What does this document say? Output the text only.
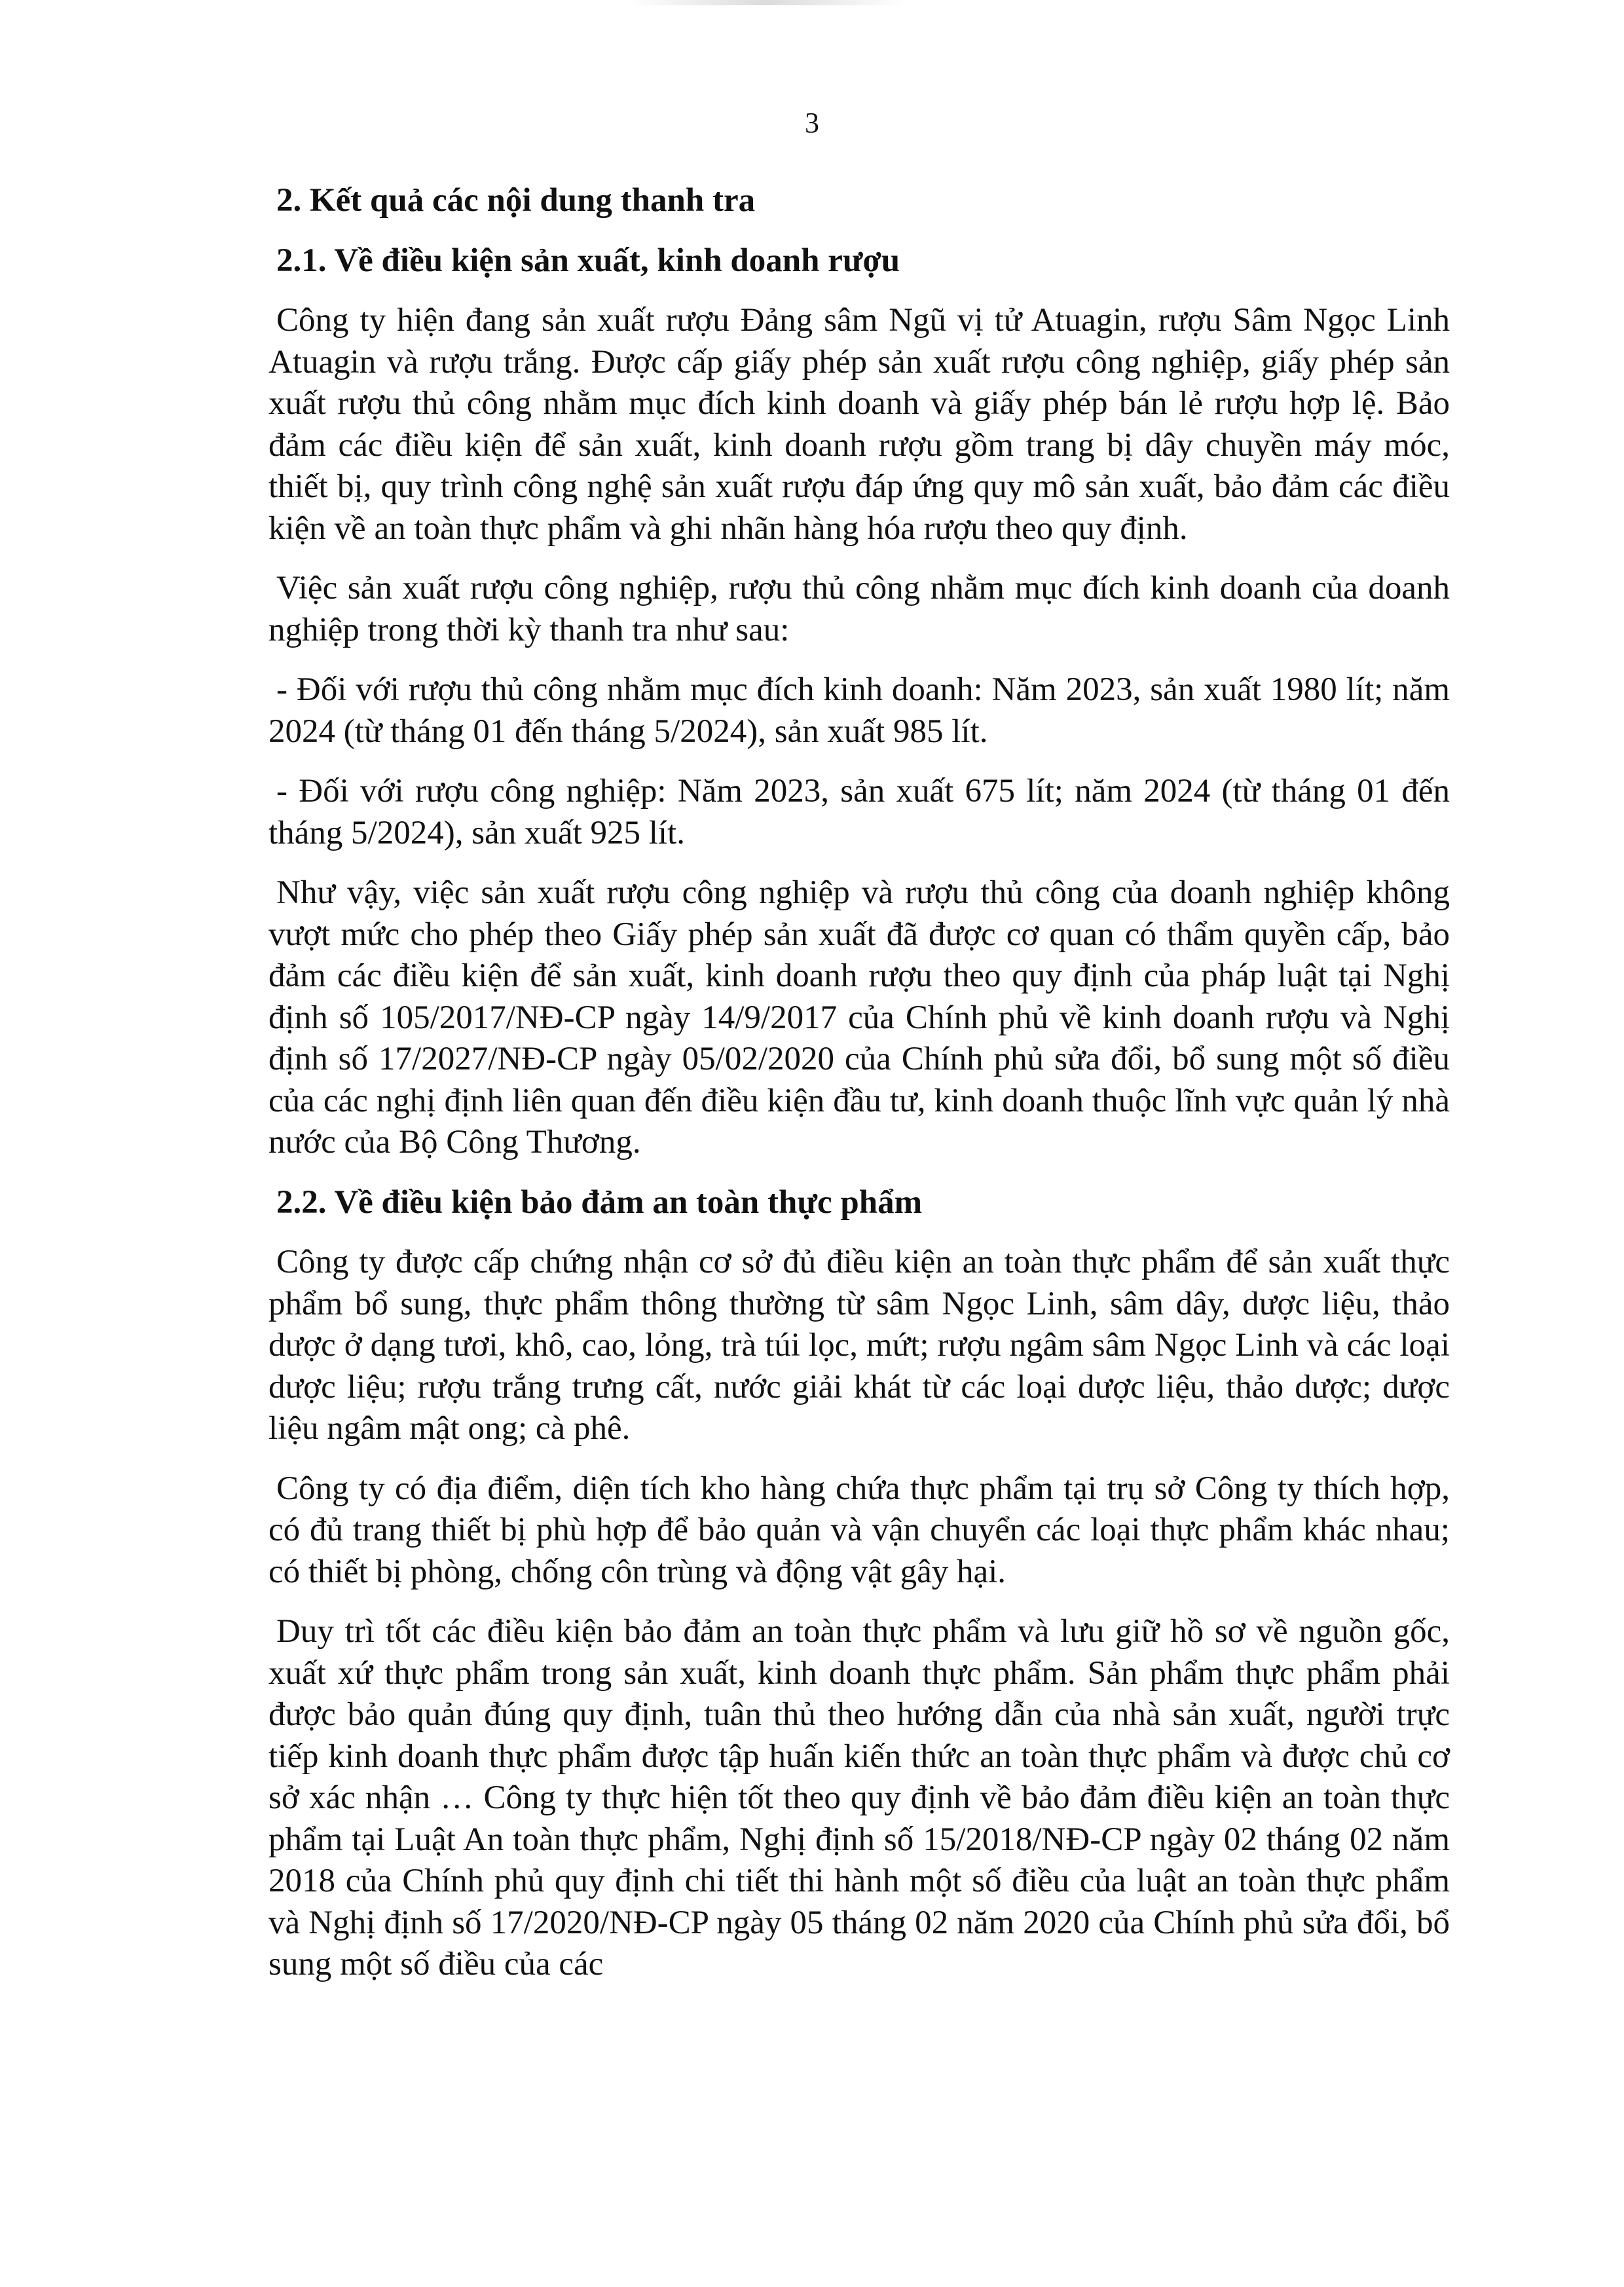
3
2. Kết quả các nội dung thanh tra
2.1. Về điều kiện sản xuất, kinh doanh rượu

Công ty hiện đang sản xuất rượu Đảng sâm Ngũ vị tử Atuagin, rượu Sâm Ngọc Linh Atuagin và rượu trắng. Được cấp giấy phép sản xuất rượu công nghiệp, giấy phép sản xuất rượu thủ công nhằm mục đích kinh doanh và giấy phép bán lẻ rượu hợp lệ. Bảo đảm các điều kiện để sản xuất, kinh doanh rượu gồm trang bị dây chuyền máy móc, thiết bị, quy trình công nghệ sản xuất rượu đáp ứng quy mô sản xuất, bảo đảm các điều kiện về an toàn thực phẩm và ghi nhãn hàng hóa rượu theo quy định.

Việc sản xuất rượu công nghiệp, rượu thủ công nhằm mục đích kinh doanh của doanh nghiệp trong thời kỳ thanh tra như sau:

- Đối với rượu thủ công nhằm mục đích kinh doanh: Năm 2023, sản xuất 1980 lít; năm 2024 (từ tháng 01 đến tháng 5/2024), sản xuất 985 lít.

- Đối với rượu công nghiệp: Năm 2023, sản xuất 675 lít; năm 2024 (từ tháng 01 đến tháng 5/2024), sản xuất 925 lít.

Như vậy, việc sản xuất rượu công nghiệp và rượu thủ công của doanh nghiệp không vượt mức cho phép theo Giấy phép sản xuất đã được cơ quan có thẩm quyền cấp, bảo đảm các điều kiện để sản xuất, kinh doanh rượu theo quy định của pháp luật tại Nghị định số 105/2017/NĐ-CP ngày 14/9/2017 của Chính phủ về kinh doanh rượu và Nghị định số 17/2027/NĐ-CP ngày 05/02/2020 của Chính phủ sửa đổi, bổ sung một số điều của các nghị định liên quan đến điều kiện đầu tư, kinh doanh thuộc lĩnh vực quản lý nhà nước của Bộ Công Thương.

2.2. Về điều kiện bảo đảm an toàn thực phẩm

Công ty được cấp chứng nhận cơ sở đủ điều kiện an toàn thực phẩm để sản xuất thực phẩm bổ sung, thực phẩm thông thường từ sâm Ngọc Linh, sâm dây, dược liệu, thảo dược ở dạng tươi, khô, cao, lỏng, trà túi lọc, mứt; rượu ngâm sâm Ngọc Linh và các loại dược liệu; rượu trắng trưng cất, nước giải khát từ các loại dược liệu, thảo dược; dược liệu ngâm mật ong; cà phê.

Công ty có địa điểm, diện tích kho hàng chứa thực phẩm tại trụ sở Công ty thích hợp, có đủ trang thiết bị phù hợp để bảo quản và vận chuyển các loại thực phẩm khác nhau; có thiết bị phòng, chống côn trùng và động vật gây hại.

Duy trì tốt các điều kiện bảo đảm an toàn thực phẩm và lưu giữ hồ sơ về nguồn gốc, xuất xứ thực phẩm trong sản xuất, kinh doanh thực phẩm. Sản phẩm thực phẩm phải được bảo quản đúng quy định, tuân thủ theo hướng dẫn của nhà sản xuất, người trực tiếp kinh doanh thực phẩm được tập huấn kiến thức an toàn thực phẩm và được chủ cơ sở xác nhận … Công ty thực hiện tốt theo quy định về bảo đảm điều kiện an toàn thực phẩm tại Luật An toàn thực phẩm, Nghị định số 15/2018/NĐ-CP ngày 02 tháng 02 năm 2018 của Chính phủ quy định chi tiết thi hành một số điều của luật an toàn thực phẩm và Nghị định số 17/2020/NĐ-CP ngày 05 tháng 02 năm 2020 của Chính phủ sửa đổi, bổ sung một số điều của các
